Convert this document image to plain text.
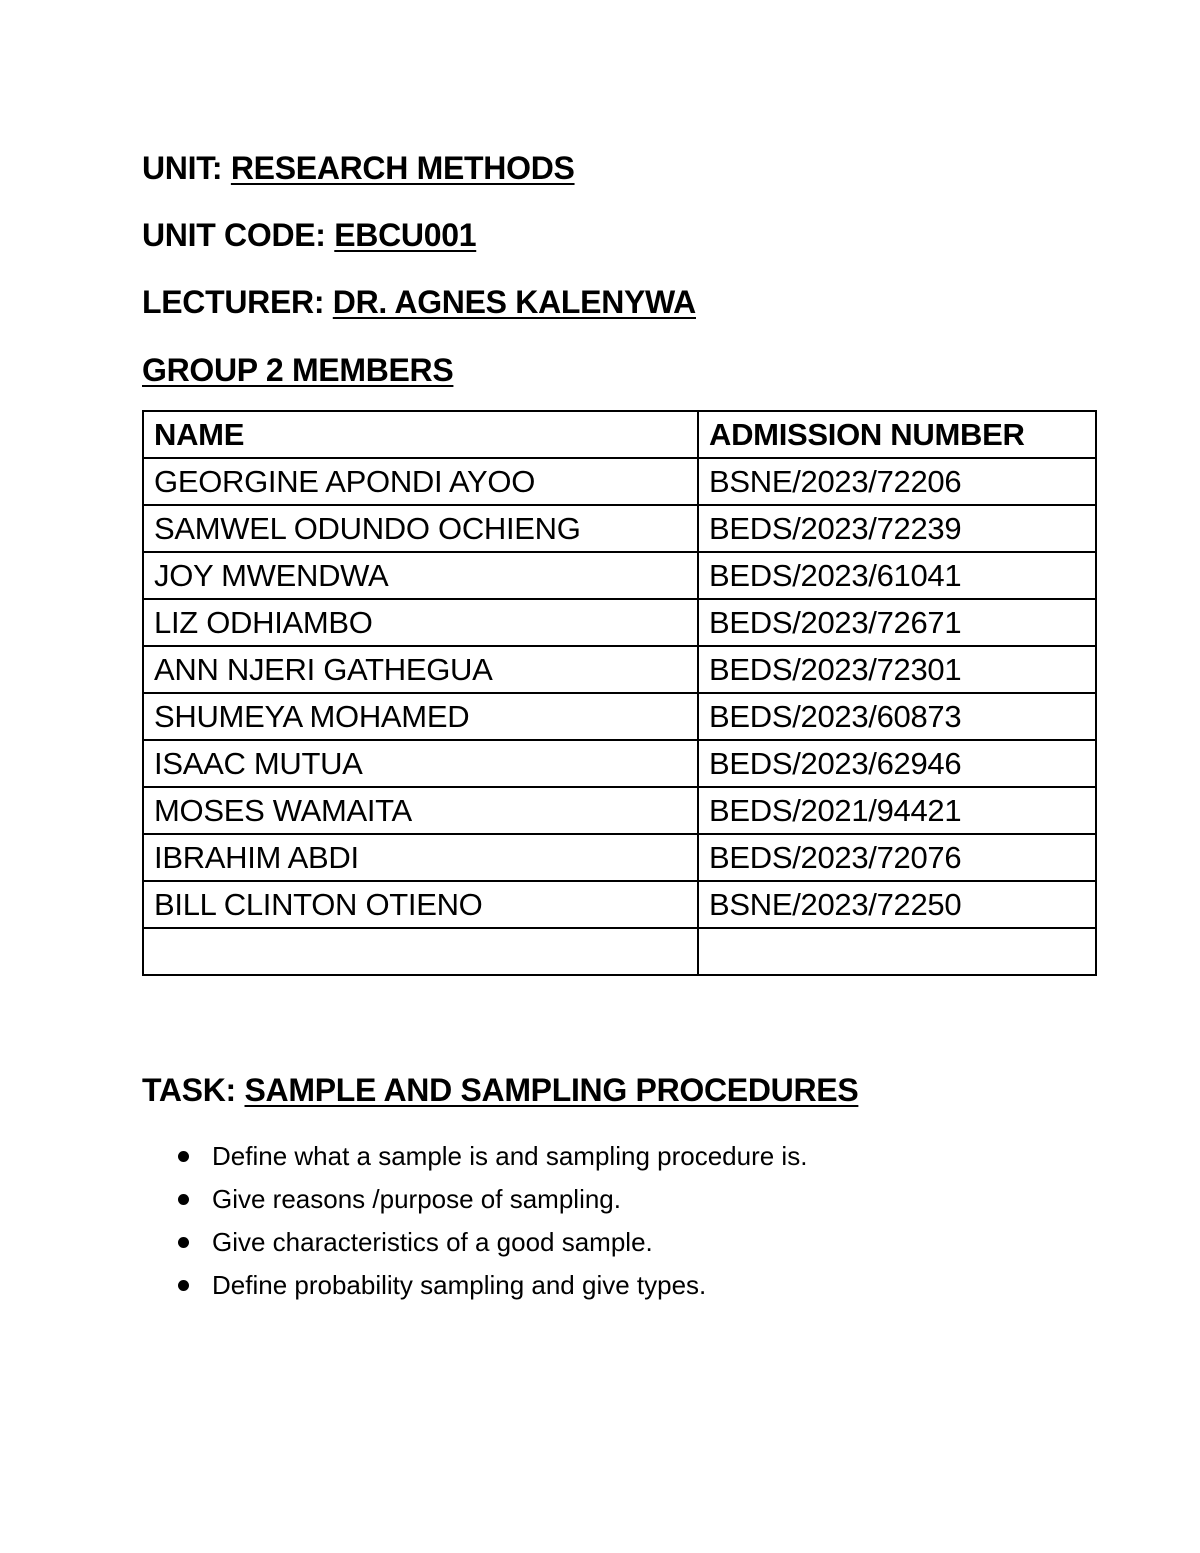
UNIT: RESEARCH METHODS
UNIT CODE: EBCU001
LECTURER: DR. AGNES KALENYWA
GROUP 2 MEMBERS
NAME	ADMISSION NUMBER
GEORGINE APONDI AYOO	BSNE/2023/72206
SAMWEL ODUNDO OCHIENG	BEDS/2023/72239
JOY MWENDWA	BEDS/2023/61041
LIZ ODHIAMBO	BEDS/2023/72671
ANN NJERI GATHEGUA	BEDS/2023/72301
SHUMEYA MOHAMED	BEDS/2023/60873
ISAAC MUTUA	BEDS/2023/62946
MOSES WAMAITA	BEDS/2021/94421
IBRAHIM ABDI	BEDS/2023/72076
BILL CLINTON OTIENO	BSNE/2023/72250

TASK: SAMPLE AND SAMPLING PROCEDURES
Define what a sample is and sampling procedure is.
Give reasons /purpose of sampling.
Give characteristics of a good sample.
Define probability sampling and give types.
